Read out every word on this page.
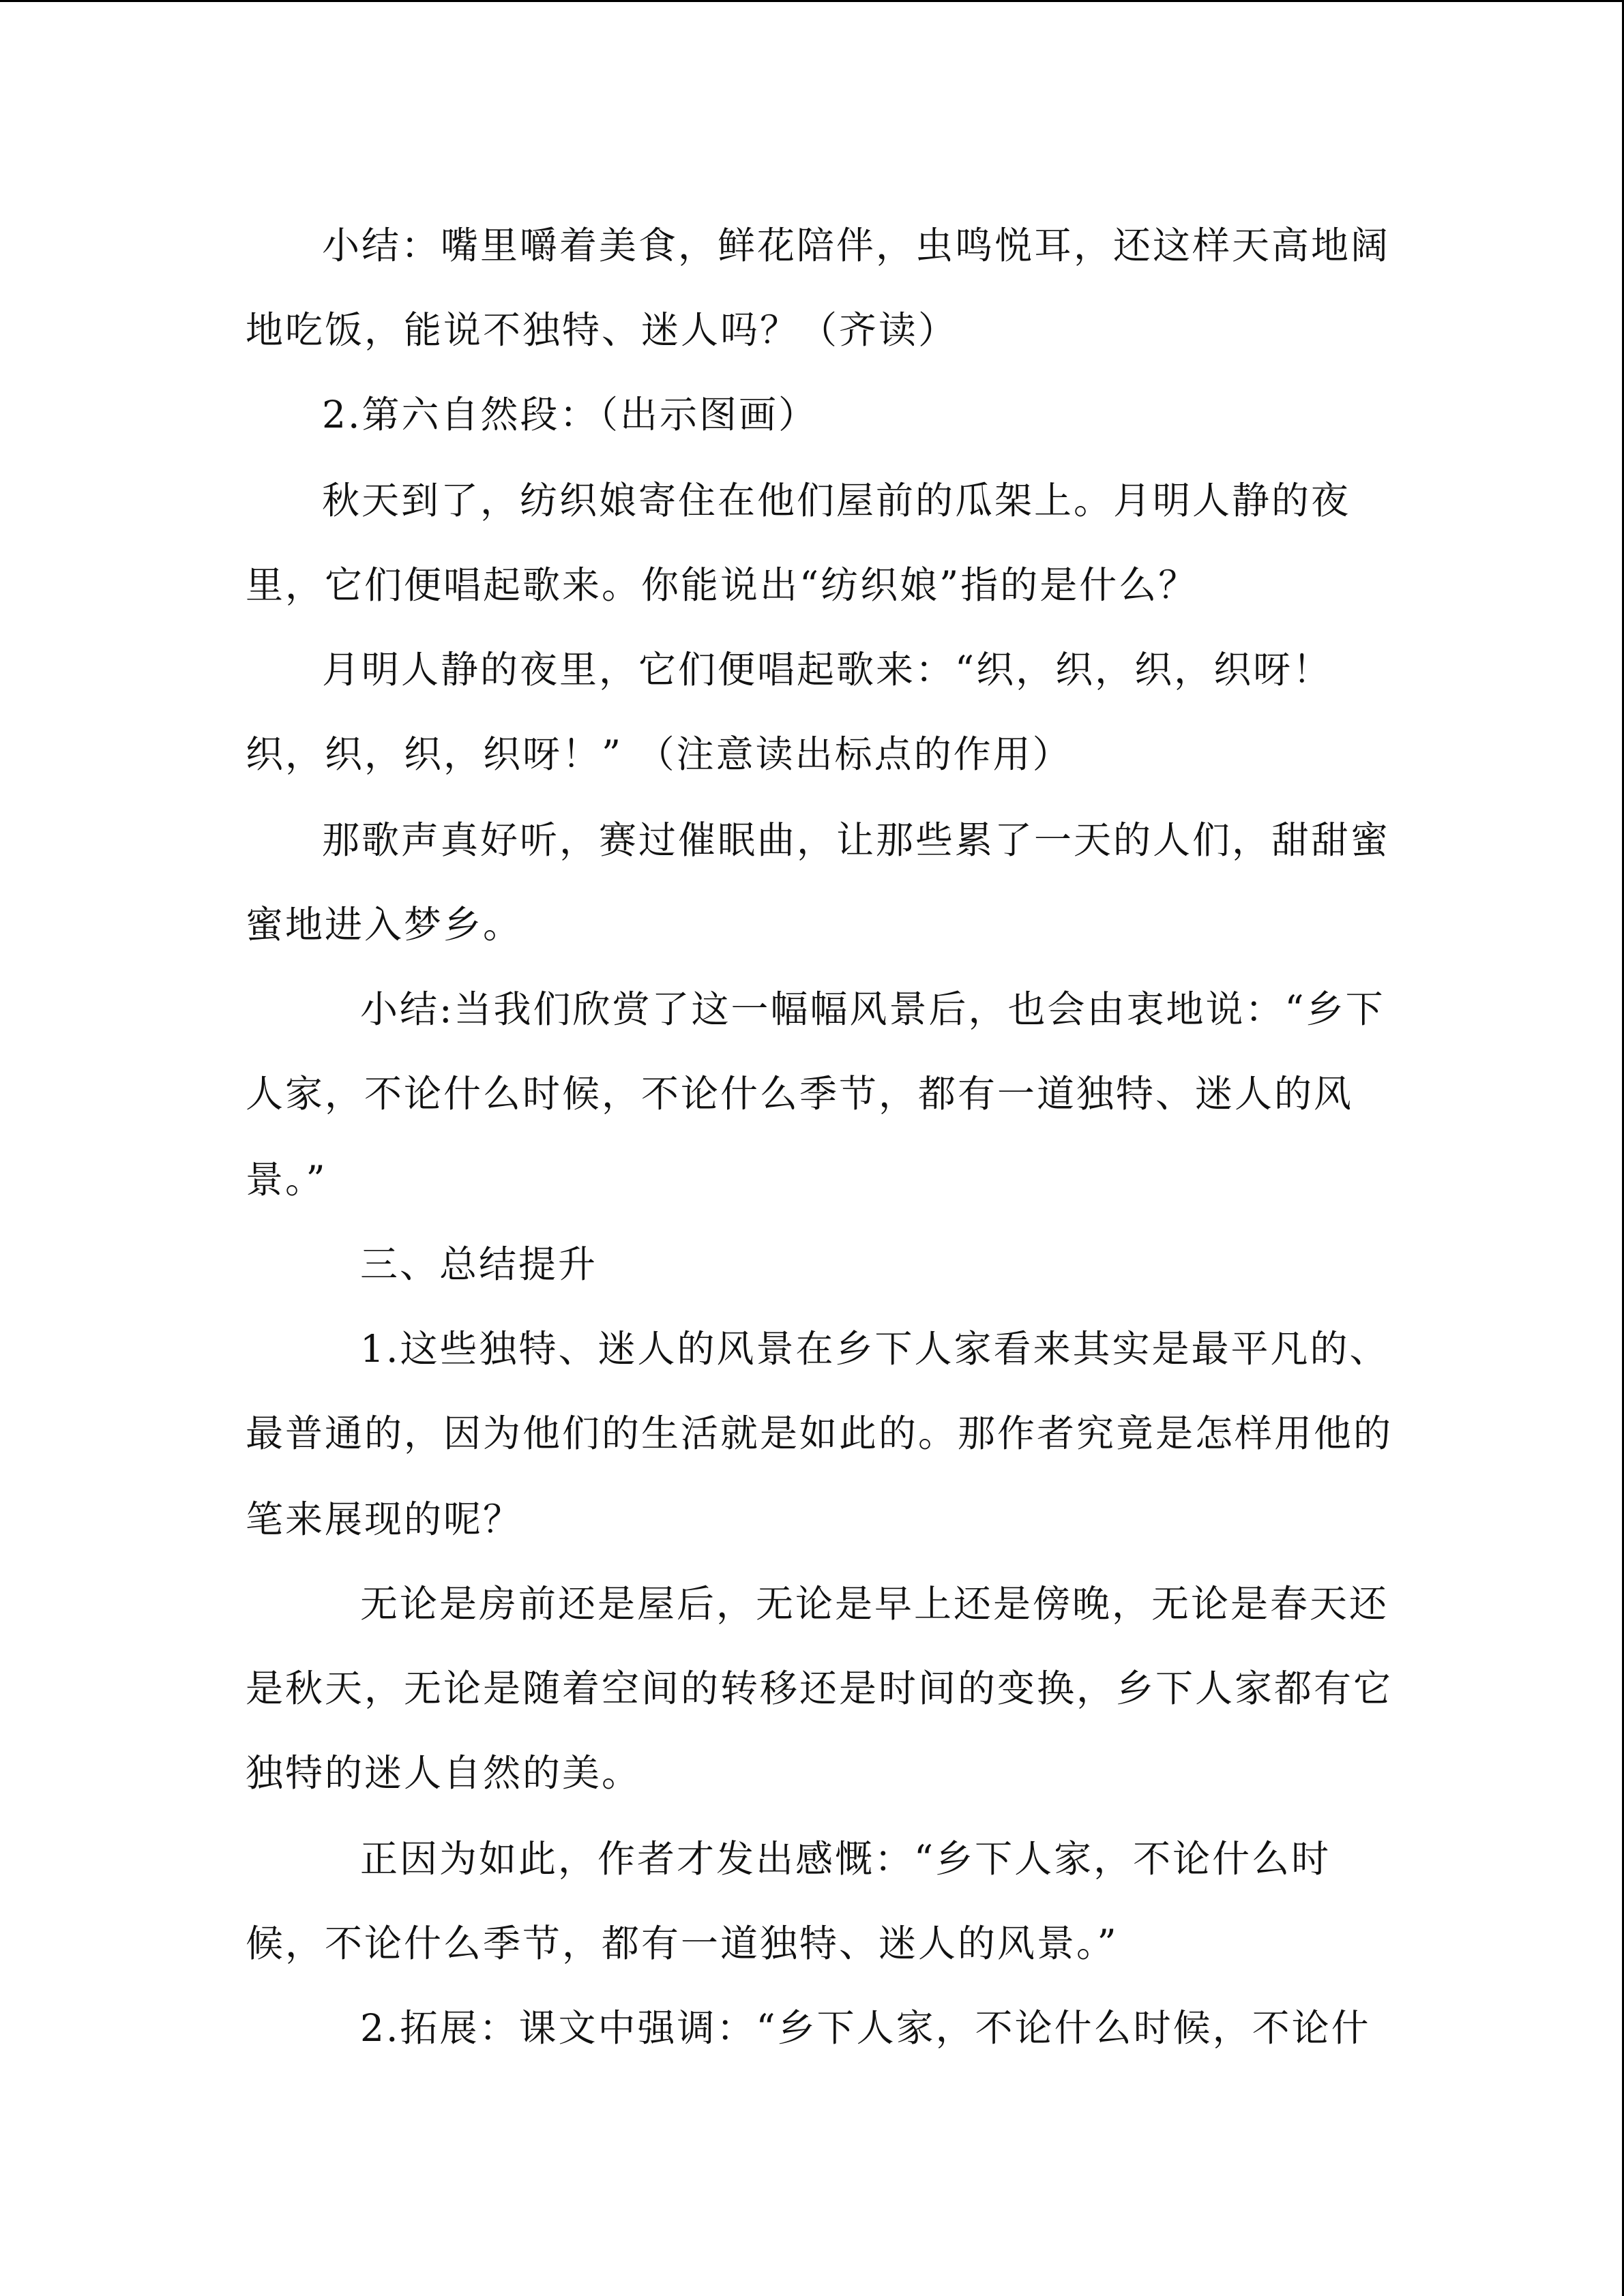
小结：嘴里嚼着美食，鲜花陪伴，虫鸣悦耳，还这样天高地阔
地吃饭，能说不独特、迷人吗？（齐读）
2.第六自然段：（出示图画）
秋天到了，纺织娘寄住在他们屋前的瓜架上。月明人静的夜
里，它们便唱起歌来。你能说出“纺织娘”指的是什么？
月明人静的夜里，它们便唱起歌来：“织，织，织，织呀！
织，织，织，织呀！” （注意读出标点的作用）
那歌声真好听，赛过催眠曲，让那些累了一天的人们，甜甜蜜
蜜地进入梦乡。
小结:当我们欣赏了这一幅幅风景后，也会由衷地说：“乡下
人家，不论什么时候，不论什么季节，都有一道独特、迷人的风
景。”
三、总结提升
1.这些独特、迷人的风景在乡下人家看来其实是最平凡的、
最普通的，因为他们的生活就是如此的。那作者究竟是怎样用他的
笔来展现的呢？
无论是房前还是屋后，无论是早上还是傍晚，无论是春天还
是秋天，无论是随着空间的转移还是时间的变换，乡下人家都有它
独特的迷人自然的美。
正因为如此，作者才发出感慨：“乡下人家，不论什么时
候，不论什么季节，都有一道独特、迷人的风景。”
2.拓展：课文中强调：“乡下人家，不论什么时候，不论什
